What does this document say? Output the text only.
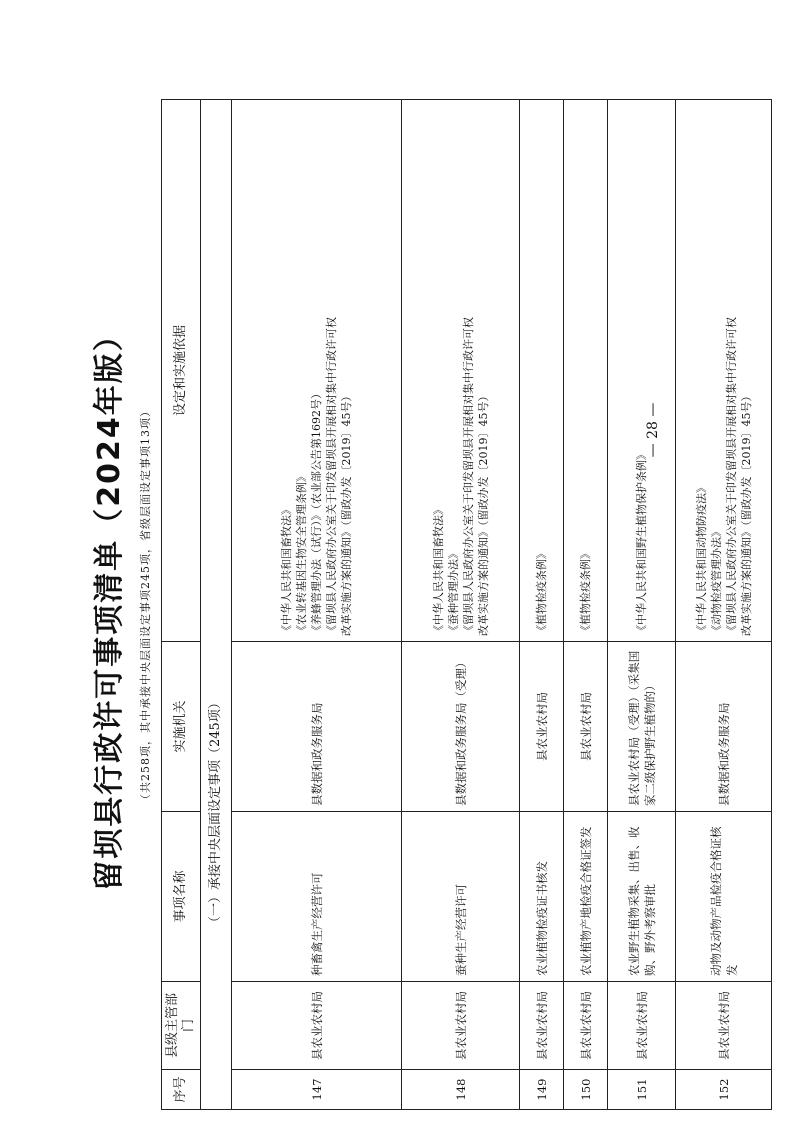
留坝县行政许可事项清单（2024年版）	（共258项，其中承接中央层面设定事项245项，省级层面设定事项13项）
序号	县级主管部门	事项名称	实施机关	设定和实施依据
（一）承接中央层面设定事项（245项）				
147	县农业农村局	种畜禽生产经营许可	县数据和政务服务局	《中华人民共和国畜牧法》 《农业转基因生物安全管理条例》 《养蜂管理办法（试行）》（农业部公告第1692号） 《留坝县人民政府办公室关于印发留坝县开展相对集中行政许可权 改革实施方案的通知》（留政办发〔2019〕45号）

148	县农业农村局	蚕种生产经营许可	县数据和政务服务局（受理）	《中华人民共和国畜牧法》 《蚕种管理办法》 《留坝县人民政府办公室关于印发留坝县开展相对集中行政许可权 改革实施方案的通知》（留政办发〔2019〕45号）

149	县农业农村局	农业植物检疫证书核发	县农业农村局	《植物检疫条例》

150	县农业农村局	农业植物产地检疫合格证签发	县农业农村局	《植物检疫条例》

151	县农业农村局	农业野生植物采集、出售、收购、野外考察审批	县农业农村局（受理）（采集国家二级保护野生植物的）	《中华人民共和国野生植物保护条例》

152	县农业农村局	动物及动物产品检疫合格证核发	县数据和政务服务局	《中华人民共和国动物防疫法》 《动物检疫管理办法》 《留坝县人民政府办公室关于印发留坝县开展相对集中行政许可权 改革实施方案的通知》（留政办发〔2019〕45号）
— 28 —
